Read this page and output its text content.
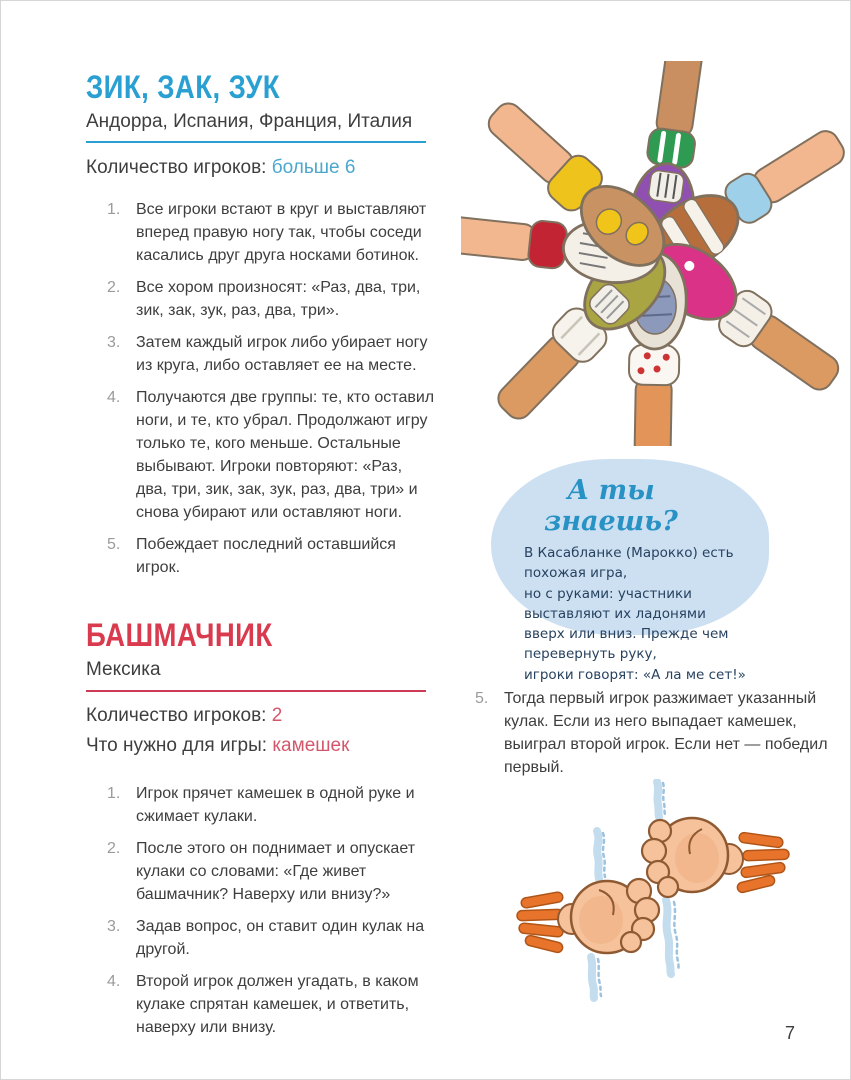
ЗИК, ЗАК, ЗУК
Андорра, Испания, Франция, Италия
Количество игроков: больше 6
1. Все игроки встают в круг и выставляют вперед правую ногу так, чтобы соседи касались друг друга носками ботинок.
2. Все хором произносят: «Раз, два, три, зик, зак, зук, раз, два, три».
3. Затем каждый игрок либо убирает ногу из круга, либо оставляет ее на месте.
4. Получаются две группы: те, кто оставил ноги, и те, кто убрал. Продолжают игру только те, кого меньше. Остальные выбывают. Игроки повторяют: «Раз, два, три, зик, зак, зук, раз, два, три» и снова убирают или оставляют ноги.
5. Побеждает последний оставшийся игрок.
БАШМАЧНИК
Мексика
Количество игроков: 2
Что нужно для игры: камешек
1. Игрок прячет камешек в одной руке и сжимает кулаки.
2. После этого он поднимает и опускает кулаки со словами: «Где живет башмачник? Наверху или внизу?»
3. Задав вопрос, он ставит один кулак на другой.
4. Второй игрок должен угадать, в каком кулаке спрятан камешек, и ответить, наверху или внизу.
5. Тогда первый игрок разжимает указанный кулак. Если из него выпадает камешек, выиграл второй игрок. Если нет — победил первый.
А ты знаешь?
В Касабланке (Марокко) есть похожая игра,
но с руками: участники выставляют их ладонями
вверх или вниз. Прежде чем перевернуть руку,
игроки говорят: «А ла ме сет!»
7
